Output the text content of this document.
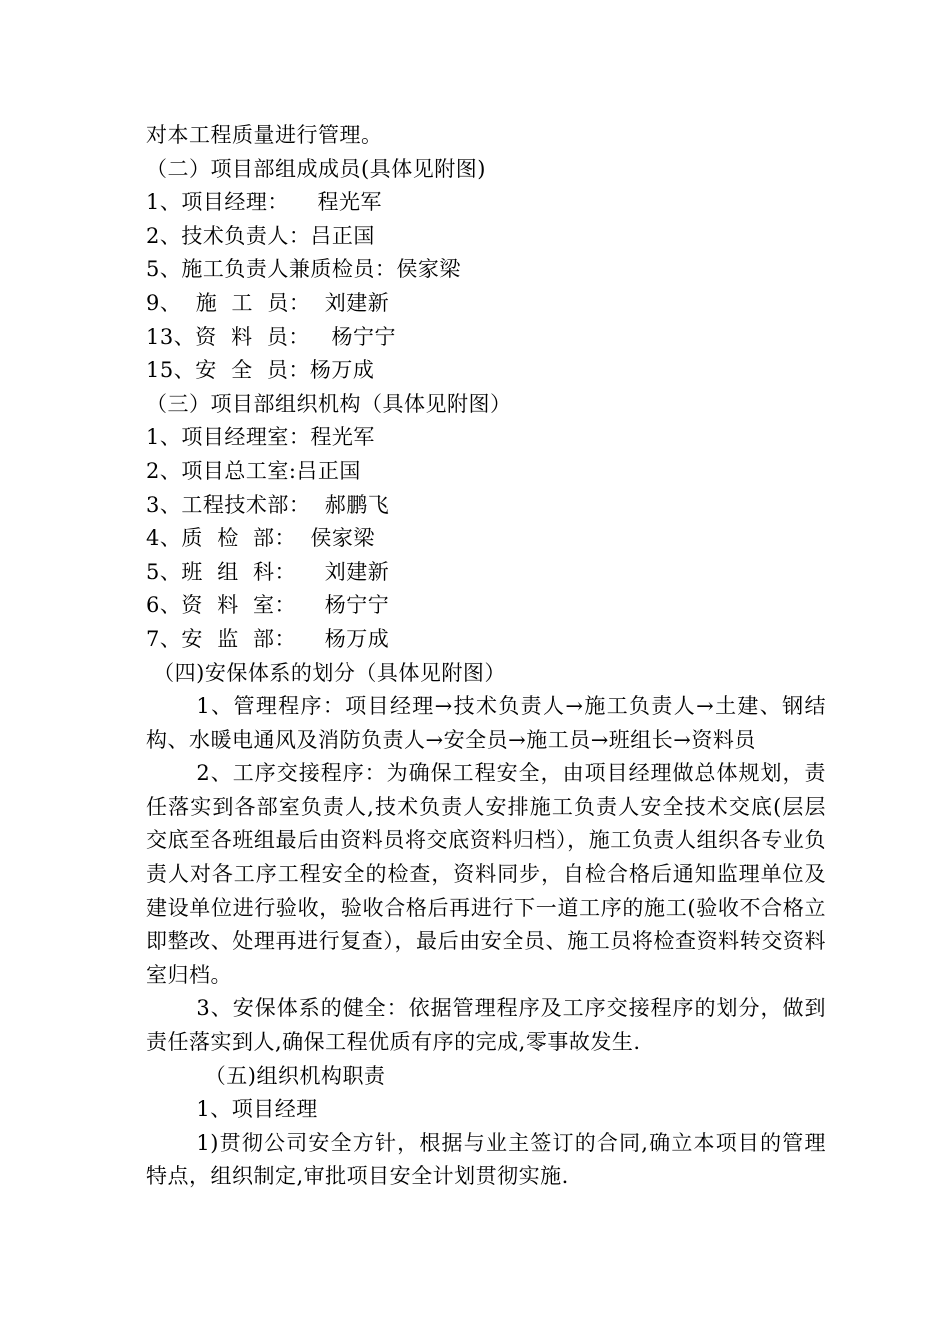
对本工程质量进行管理。
（二）项目部组成成员(具体见附图)
1、项目经理：    程光军
2、技术负责人：吕正国
5、施工负责人兼质检员：侯家梁
9、  施  工  员：  刘建新
13、资  料  员：   杨宁宁
15、安  全  员：杨万成
（三）项目部组织机构（具体见附图）
1、项目经理室：程光军
2、项目总工室:吕正国
3、工程技术部：  郝鹏飞
4、质  检  部：  侯家梁
5、班  组  科：    刘建新
6、资  料  室：    杨宁宁
7、安  监  部：    杨万成
（四)安保体系的划分（具体见附图）
1、管理程序：项目经理→技术负责人→施工负责人→土建、钢结构、水暖电通风及消防负责人→安全员→施工员→班组长→资料员
2、工序交接程序：为确保工程安全，由项目经理做总体规划，责任落实到各部室负责人,技术负责人安排施工负责人安全技术交底(层层交底至各班组最后由资料员将交底资料归档），施工负责人组织各专业负责人对各工序工程安全的检查，资料同步，自检合格后通知监理单位及建设单位进行验收，验收合格后再进行下一道工序的施工(验收不合格立即整改、处理再进行复查），最后由安全员、施工员将检查资料转交资料室归档。
3、安保体系的健全：依据管理程序及工序交接程序的划分，做到责任落实到人,确保工程优质有序的完成,零事故发生.
（五)组织机构职责
1、项目经理
1)贯彻公司安全方针，根据与业主签订的合同,确立本项目的管理特点，组织制定,审批项目安全计划贯彻实施.
